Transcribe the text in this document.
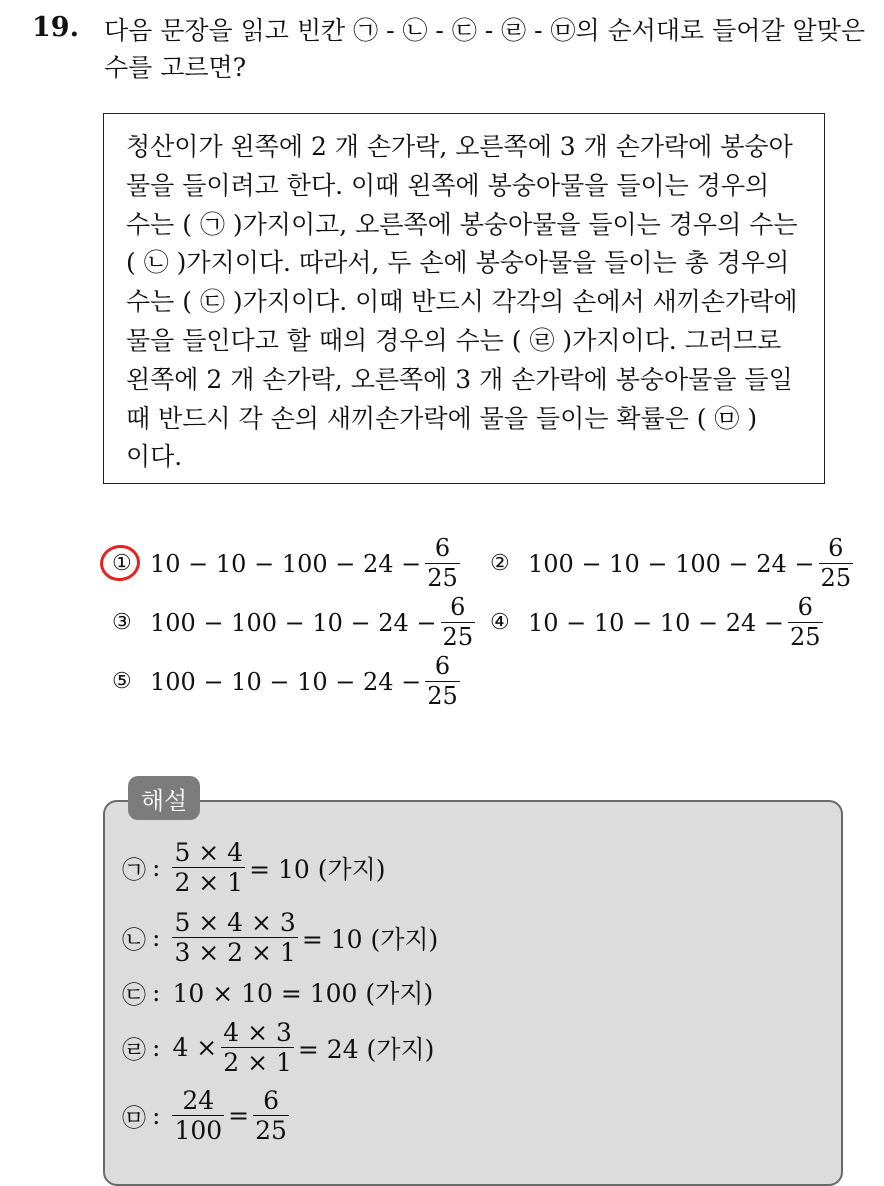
19. 다음 문장을 읽고 빈칸 ㉠ - ㉡ - ㉢ - ㉣ - ㉤의 순서대로 들어갈 알맞은
수를 고르면?
청산이가 왼쪽에 2 개 손가락, 오른쪽에 3 개 손가락에 봉숭아
물을 들이려고 한다. 이때 왼쪽에 봉숭아물을 들이는 경우의
수는 ( ㉠ )가지이고, 오른쪽에 봉숭아물을 들이는 경우의 수는
( ㉡ )가지이다. 따라서, 두 손에 봉숭아물을 들이는 총 경우의
수는 ( ㉢ )가지이다. 이때 반드시 각각의 손에서 새끼손가락에
물을 들인다고 할 때의 경우의 수는 ( ㉣ )가지이다. 그러므로
왼쪽에 2 개 손가락, 오른쪽에 3 개 손가락에 봉숭아물을 들일
때 반드시 각 손의 새끼손가락에 물을 들이는 확률은 ( ㉤ )
이다.
① $10 - 10 - 100 - 24 - \frac{6}{25}$ ② $100 - 10 - 100 - 24 - \frac{6}{25}$
③ $100 - 100 - 10 - 24 - \frac{6}{25}$ ④ $10 - 10 - 10 - 24 - \frac{6}{25}$
⑤ $100 - 10 - 10 - 24 - \frac{6}{25}$
해설
㉠ : $\frac{5 \times 4}{2 \times 1} = 10$ (가지)
㉡ : $\frac{5 \times 4 \times 3}{3 \times 2 \times 1} = 10$ (가지)
㉢ : 10 × 10 = 100 (가지)
㉣ : $4 \times \frac{4 \times 3}{2 \times 1} = 24$ (가지)
㉤ : $\frac{24}{100} = \frac{6}{25}$
